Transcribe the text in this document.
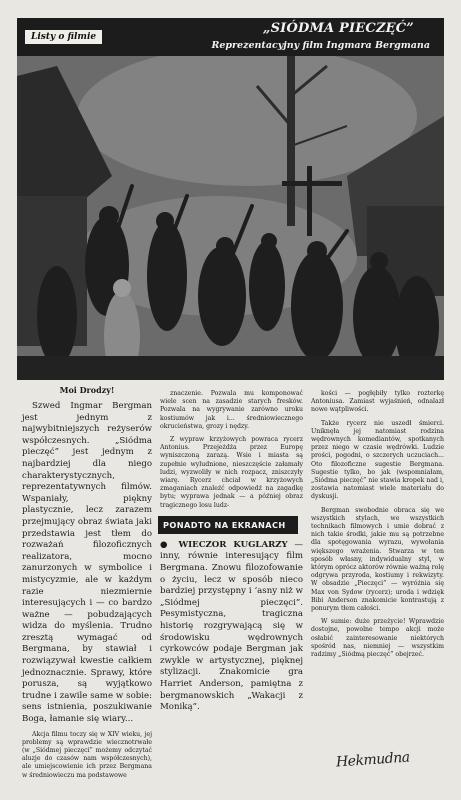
Listy o filmie
„SIÓDMA PIECZĘĆ”
Reprezentacyjny film Ingmara Bergmana

Moi Drodzy!

Szwed Ingmar Bergman jest jednym z najwybitniejszych reżyserów współczesnych. „Siódma pieczęć” jest jednym z najbardziej dla niego charakterystycznych, reprezentatywnych filmów. Wspaniały, piękny plastycznie, lecz zarazem przejmujący obraz świata jaki przedstawia jest tłem do rozważań filozoficznych realizatora, mocno zanurzonych w symbolice i mistycyzmie, ale w każdym razie niezmiernie interesujących i — co bardzo ważne — pobudzających widza do myślenia. Trudno zresztą wymagać od Bergmana, by stawiał i rozwiązywał kwestie całkiem jednoznacznie. Sprawy, które porusza, są wyjątkowo trudne i zawile same w sobie: sens istnienia, poszukiwanie Boga, łamanie się wiary...

Akcja filmu toczy się w XIV wieku, jej problemy są wprawdzie wiecznotrwałe (w „Siódmej pieczęci” możemy odczytać aluzje do czasów nam współczesnych), ale umiejscowienie ich przez Bergmana w średniowieczu ma podstawowe

znaczenie. Pozwala mu komponować wiele scen na zasadzie starych fresków. Pozwala na wygrywanie zarówno uroku kostiumów jak i... średniowiecznego okrucieństwa, grozy i nędzy.

Z wypraw krzyżowych powraca rycerz Antonius. Przejeżdża przez Europę wyniszczoną zarazą. Wsie i miasta są zupełnie wyludnione, nieszczęście załamały ludzi, wyzwoliły w nich rozpacz, zniszczyły wiarę. Rycerz chciał w krzyżowych zmaganiach znaleźć odpowiedź na zagadkę bytu; wyprawa jednak — a później obraz tragicznego losu ludz-

PONADTO NA EKRANACH

● WIECZOR KUGLARZY — inny, równie interesujący film Bergmana. Znowu filozofowanie o życiu, lecz w sposób nieco bardziej przystępny i ‘asny niż w „Siódmej pieczęci”. Pesymistyczna, tragiczna historię rozgrywającą się w środowisku wędrownych cyrkowców podaje Bergman jak zwykle w artystycznej, pięknej stylizacji. Znakomicie gra Harriet Anderson, pamiętna z bergmanowskich „Wakacji z Moniką”.

kości — pogłębiły tylko rozterkę Antoniusa. Zamiast wyjaśnień, odnalazł nowe wątpliwości.

Także rycerz nie uszedł śmierci. Uniknęła jej natomiast rodzina wędrownych komediantów, spotkanych przez niego w czasie wędrówki. Ludzie prości, pogodni, o szczerych uczuciach... Oto filozoficzne sugestie Bergmana. Sugestie tylko, bo jak (wspomniałam, „Siódma pieczęć” nie stawia kropek nad i, zostawia natomiast wiele materiału do dyskusji.

Bergman swobodnie obraca się we wszystkich stylach, we wszystkich technikach filmowych i umie dobrać z nich takie środki, jakie mu są potrzebne dla spotęgowania wyrazu, wywołania większego wrażenia. Stwarza w ten sposób własny, indywidualny styl, w którym oprócz aktorów równie ważną rolę odgrywa przyroda, kostiumy i rekwizyty. W obsadzie „Pieczęci” — wyróżnia się Max von Sydow (rycerz); uroda i wdzięk Bibi Anderson znakomicie kontrastują z ponurym tłem całości.

W sumie: duże przeżycie! Wprawdzie dostojne, powolne tempo akcji może osłabić zainteresowanie niektórych spośród nas, niemniej — wszystkim radzimy „Siódmą pieczęć” obejrzeć.

Hekmudna
